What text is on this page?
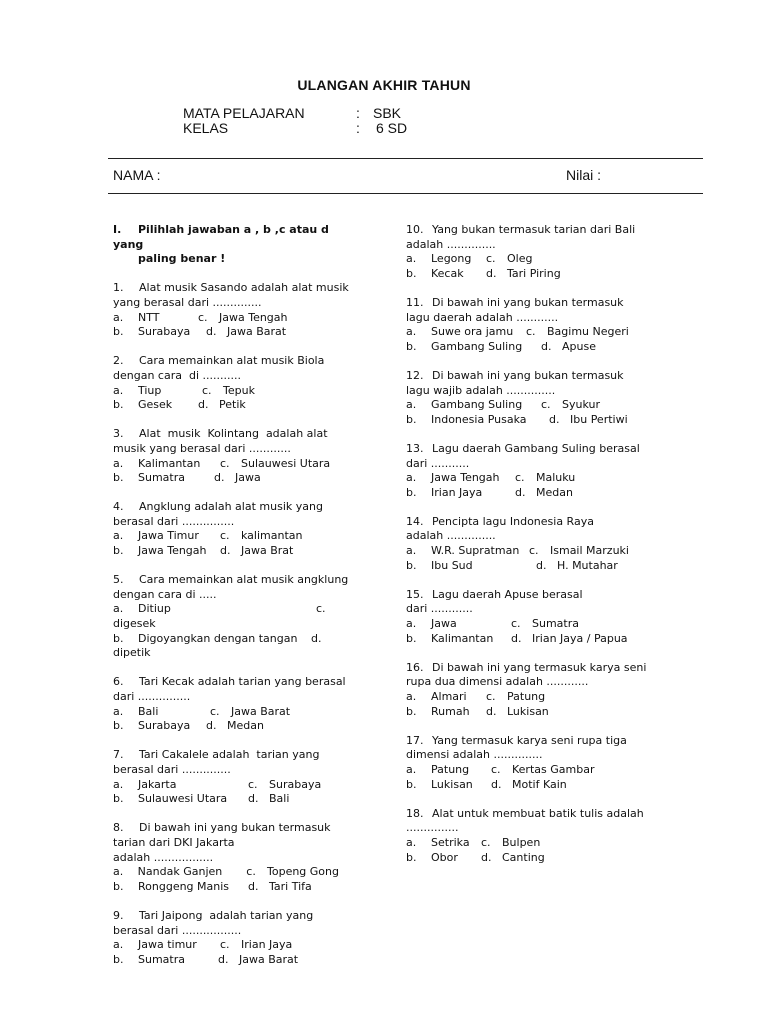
ULANGAN AKHIR TAHUN
MATA PELAJARAN	: SBK
KELAS	:	6 SD
NAMA :	Nilai :
I. Pilihlah jawaban a , b ,c atau d yang
paling benar !
1. Alat musik Sasando adalah alat musik
yang berasal dari ..............
a.	NTT	c.	Jawa Tengah
b.	Surabaya	d. Jawa Barat
2. Cara memainkan alat musik Biola
dengan cara  di ...........
a.	Tiup	c.	Tepuk
b.	Gesek	d. Petik
3. Alat  musik  Kolintang  adalah alat
musik yang berasal dari ............
a.	Kalimantan	c.	Sulauwesi Utara
b.	Sumatra	d. Jawa
4. Angklung adalah alat musik yang
berasal dari ...............
a.	Jawa Timur	c.	kalimantan
b.	Jawa Tengah	d. Jawa Brat
5. Cara memainkan alat musik angklung
dengan cara di .....
a.	Ditiup	c.
digesek
b.	Digoyangkan dengan tangan	d.
dipetik
6. Tari Kecak adalah tarian yang berasal
dari ...............
a.	Bali	c.	Jawa Barat
b.	Surabaya	d. Medan
7. Tari Cakalele adalah  tarian yang
berasal dari ..............
a.	Jakarta	c.	Surabaya
b.	Sulauwesi Utara	d. Bali
8. Di bawah ini yang bukan termasuk
tarian dari DKI Jakarta
adalah .................
a.	Nandak Ganjen	c.	Topeng Gong
b.	Ronggeng Manis	d. Tari Tifa
9. Tari Jaipong  adalah tarian yang
berasal dari .................
a.	Jawa timur	c.	Irian Jaya
b.	Sumatra	d. Jawa Barat
10. Yang bukan termasuk tarian dari Bali
adalah ..............
a.	Legong	c.	Oleg
b.	Kecak	d. Tari Piring
11. Di bawah ini yang bukan termasuk
lagu daerah adalah ............
a.	Suwe ora jamu	c.	Bagimu Negeri
b.	Gambang Suling	d. Apuse
12. Di bawah ini yang bukan termasuk
lagu wajib adalah ..............
a.	Gambang Suling	c.	Syukur
b.	Indonesia Pusaka	d. Ibu Pertiwi
13. Lagu daerah Gambang Suling berasal
dari ...........
a.	Jawa Tengah	c.	Maluku
b.	Irian Jaya	d. Medan
14. Pencipta lagu Indonesia Raya
adalah ..............
a.	W.R. Supratman c.	Ismail Marzuki
b.	Ibu Sud	d. H. Mutahar
15. Lagu daerah Apuse berasal
dari ............
a.	Jawa	c.	Sumatra
b.	Kalimantan	d. Irian Jaya / Papua
16. Di bawah ini yang termasuk karya seni
rupa dua dimensi adalah ............
a.	Almari	c.	Patung
b.	Rumah	d. Lukisan
17. Yang termasuk karya seni rupa tiga
dimensi adalah ..............
a.	Patung	c.	Kertas Gambar
b.	Lukisan	d. Motif Kain
18. Alat untuk membuat batik tulis adalah
...............
a.	Setrika	c.	Bulpen
b.	Obor	d. Canting
